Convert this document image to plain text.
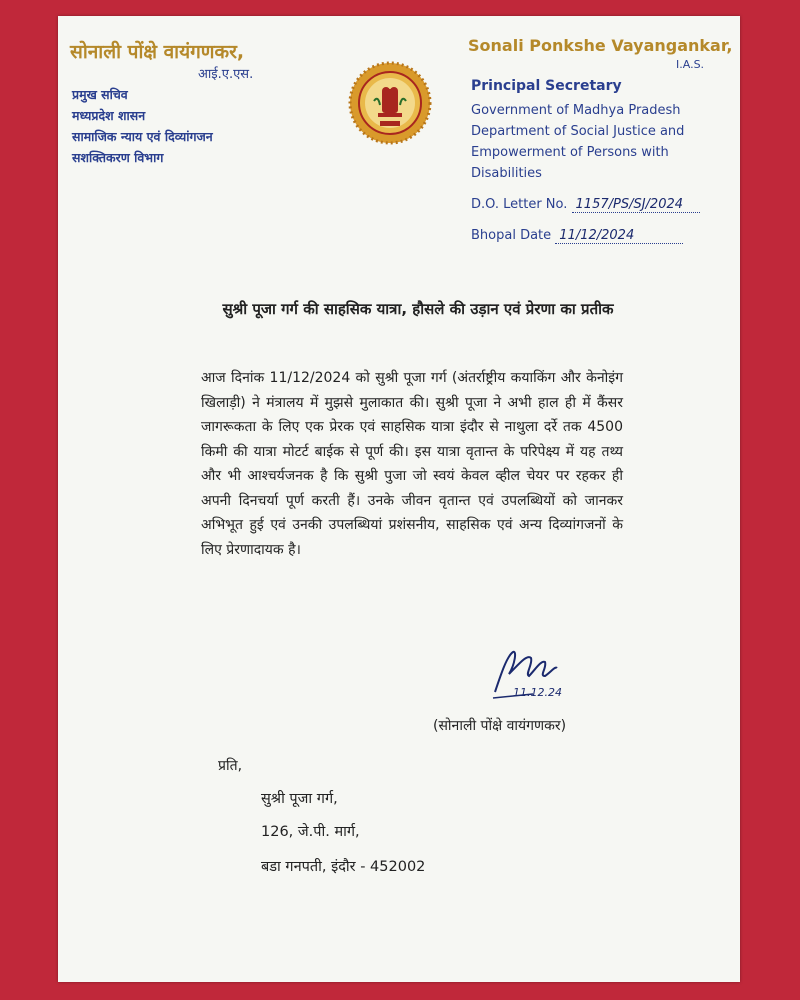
सोनाली पोंक्षे वायंगणकर,
आई.ए.एस.
प्रमुख सचिव
मध्यप्रदेश शासन
सामाजिक न्याय एवं दिव्यांगजन
सशक्तिकरण विभाग
Sonali Ponkshe Vayangankar,
I.A.S.
Principal Secretary
Government of Madhya Pradesh
Department of Social Justice and
Empowerment of Persons with
Disabilities
D.O. Letter No. 1157/PS/SJ/2024
Bhopal Date 11/12/2024
सुश्री पूजा गर्ग की साहसिक यात्रा, हौसले की उड़ान एवं प्रेरणा का प्रतीक
आज दिनांक 11/12/2024 को सुश्री पूजा गर्ग (अंतर्राष्ट्रीय कयाकिंग और केनोइंग खिलाड़ी) ने मंत्रालय में मुझसे मुलाकात की। सुश्री पूजा ने अभी हाल ही में कैंसर जागरूकता के लिए एक प्रेरक एवं साहसिक यात्रा इंदौर से नाथुला दर्रे तक 4500 किमी की यात्रा मोटर्ट बाईक से पूर्ण की। इस यात्रा वृतान्त के परिपेक्ष्य में यह तथ्य और भी आश्चर्यजनक है कि सुश्री पुजा जो स्वयं केवल व्हील चेयर पर रहकर ही अपनी दिनचर्या पूर्ण करती हैं। उनके जीवन वृतान्त एवं उपलब्धियों को जानकर अभिभूत हुई एवं उनकी उपलब्धियां प्रशंसनीय, साहसिक एवं अन्य दिव्यांगजनों के लिए प्रेरणादायक है।
11.12.24
(सोनाली पोंक्षे वायंगणकर)
प्रति,
सुश्री पूजा गर्ग,
126, जे.पी. मार्ग,
बडा गनपती, इंदौर - 452002
